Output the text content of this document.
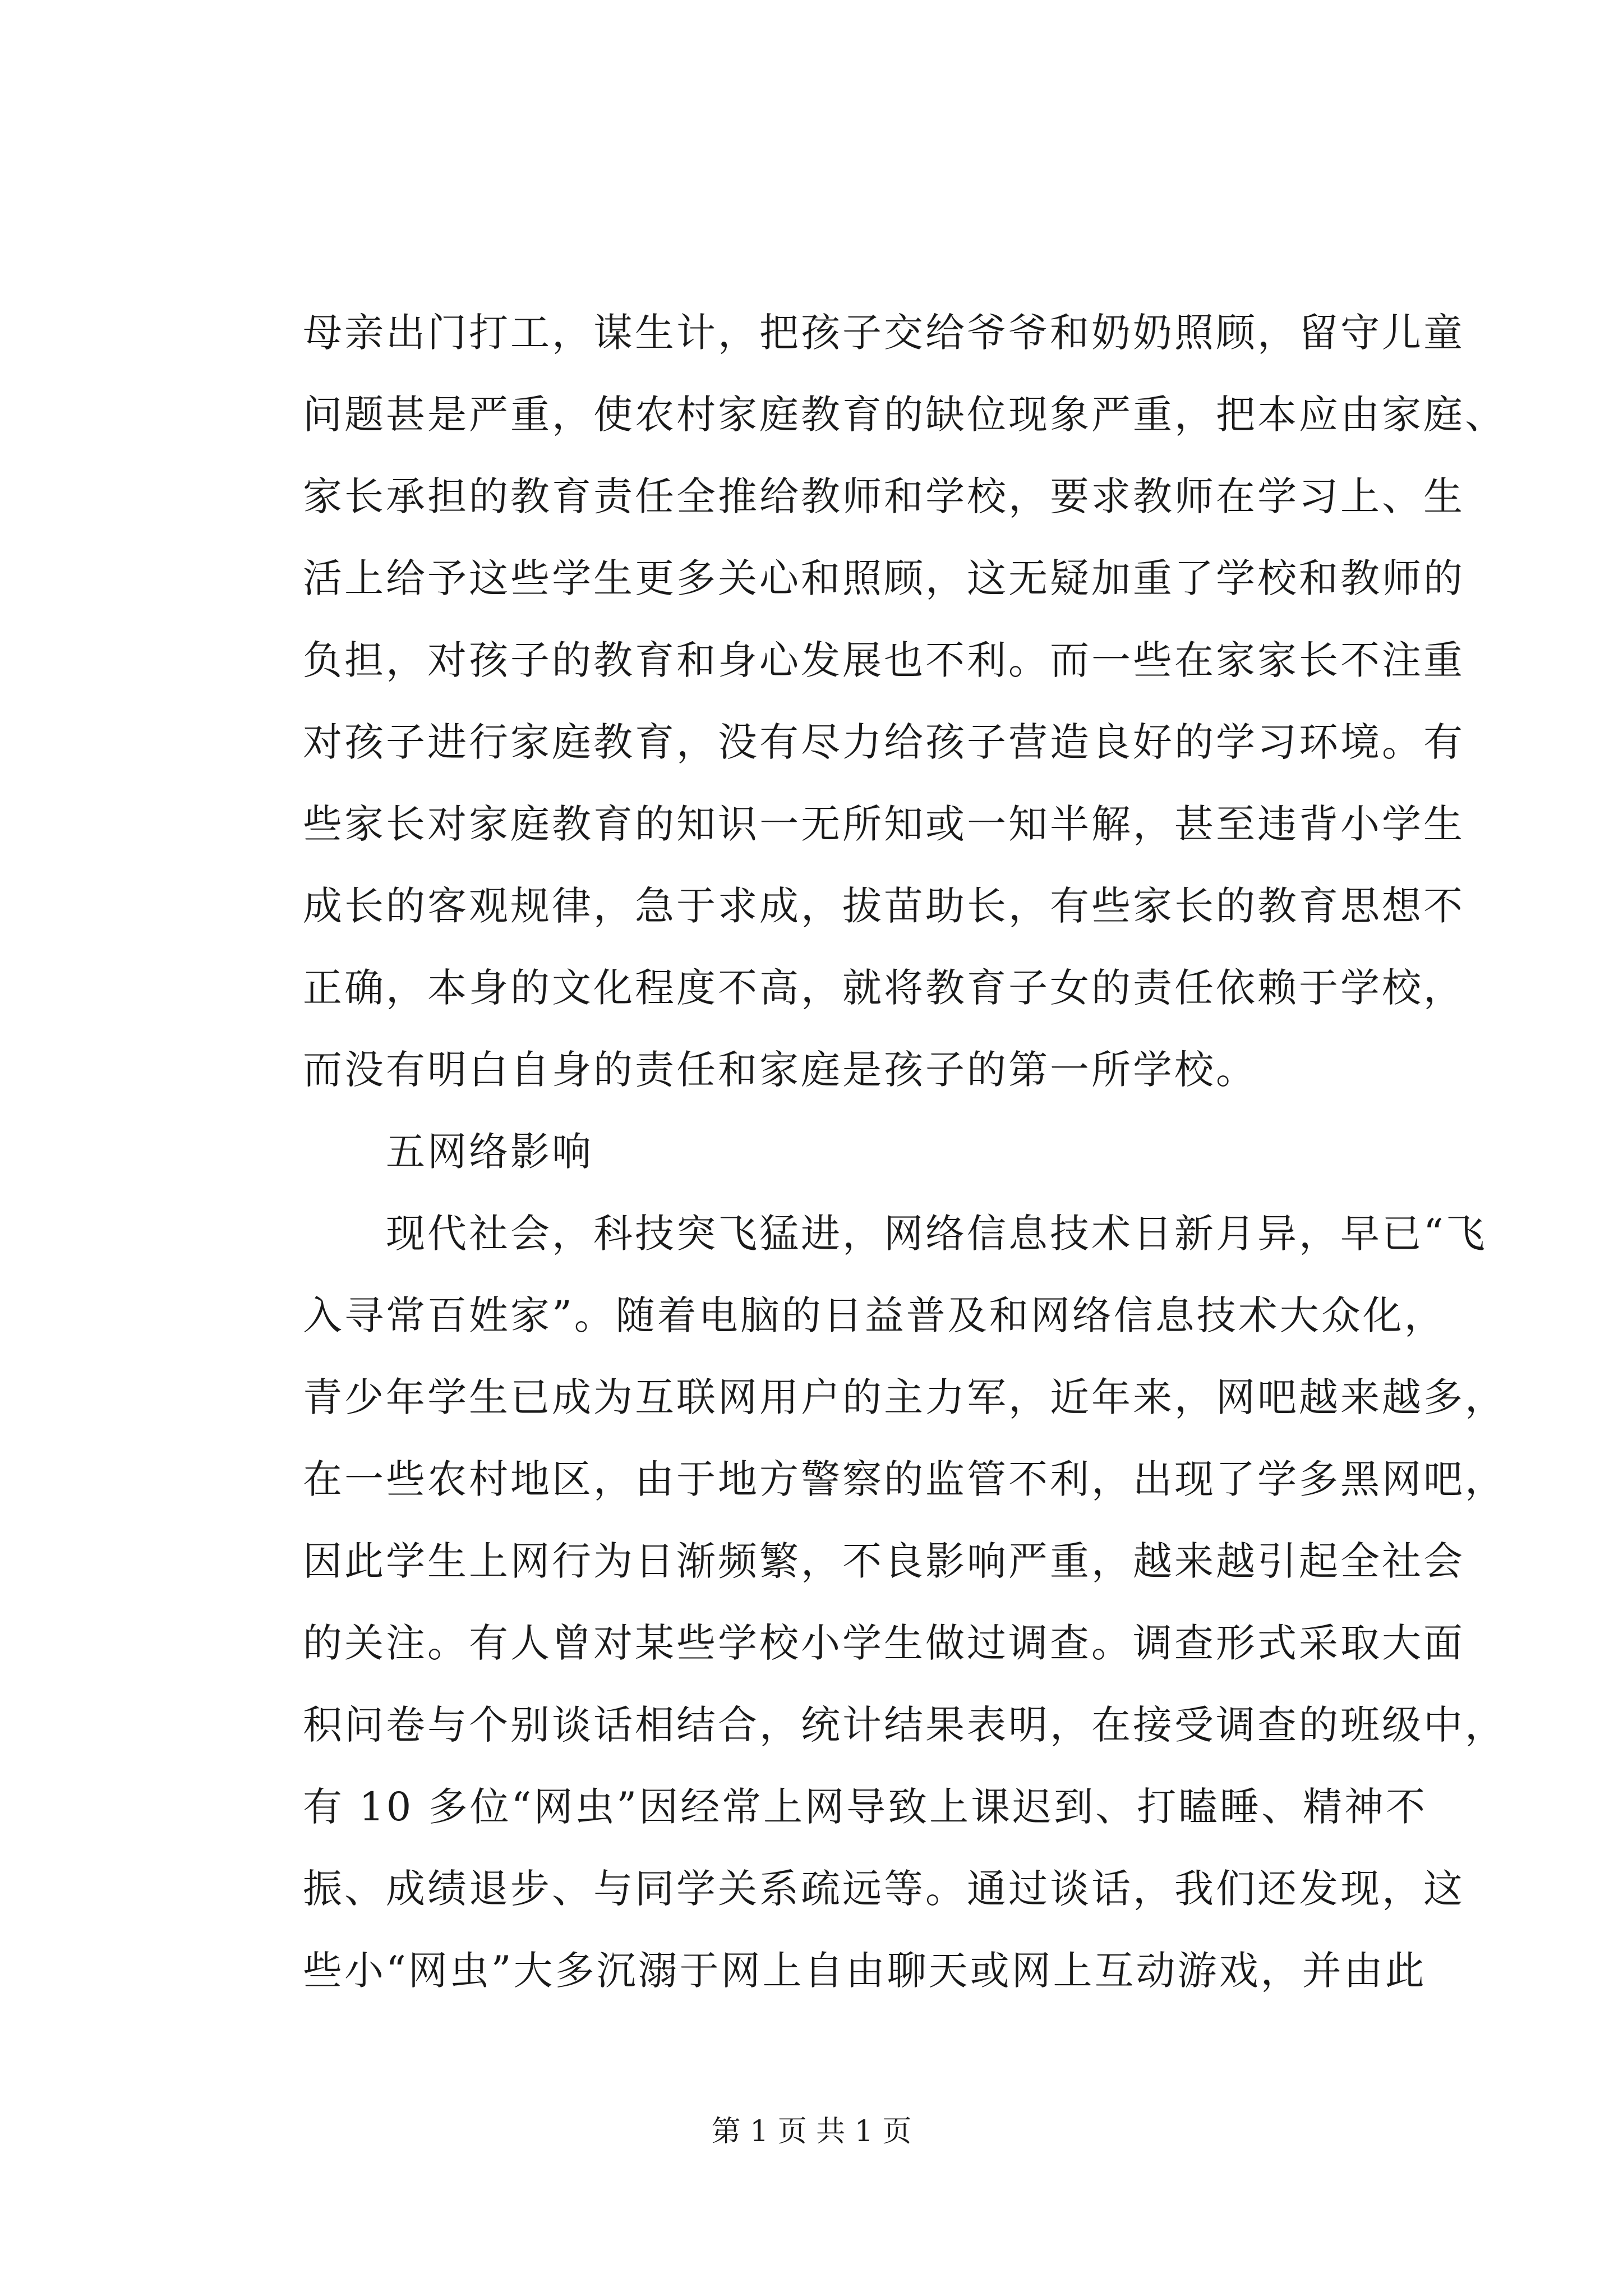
母亲出门打工，谋生计，把孩子交给爷爷和奶奶照顾，留守儿童
问题甚是严重，使农村家庭教育的缺位现象严重，把本应由家庭、
家长承担的教育责任全推给教师和学校，要求教师在学习上、生
活上给予这些学生更多关心和照顾，这无疑加重了学校和教师的
负担，对孩子的教育和身心发展也不利。而一些在家家长不注重
对孩子进行家庭教育，没有尽力给孩子营造良好的学习环境。有
些家长对家庭教育的知识一无所知或一知半解，甚至违背小学生
成长的客观规律，急于求成，拔苗助长，有些家长的教育思想不
正确，本身的文化程度不高，就将教育子女的责任依赖于学校，
而没有明白自身的责任和家庭是孩子的第一所学校。
　　五网络影响
　　现代社会，科技突飞猛进，网络信息技术日新月异，早已“飞
入寻常百姓家”。随着电脑的日益普及和网络信息技术大众化，
青少年学生已成为互联网用户的主力军，近年来，网吧越来越多，
在一些农村地区，由于地方警察的监管不利，出现了学多黑网吧，
因此学生上网行为日渐频繁，不良影响严重，越来越引起全社会
的关注。有人曾对某些学校小学生做过调查。调查形式采取大面
积问卷与个别谈话相结合，统计结果表明，在接受调查的班级中，
有 10 多位“网虫”因经常上网导致上课迟到、打瞌睡、精神不
振、成绩退步、与同学关系疏远等。通过谈话，我们还发现，这
些小“网虫”大多沉溺于网上自由聊天或网上互动游戏，并由此
第 1 页 共 1 页
